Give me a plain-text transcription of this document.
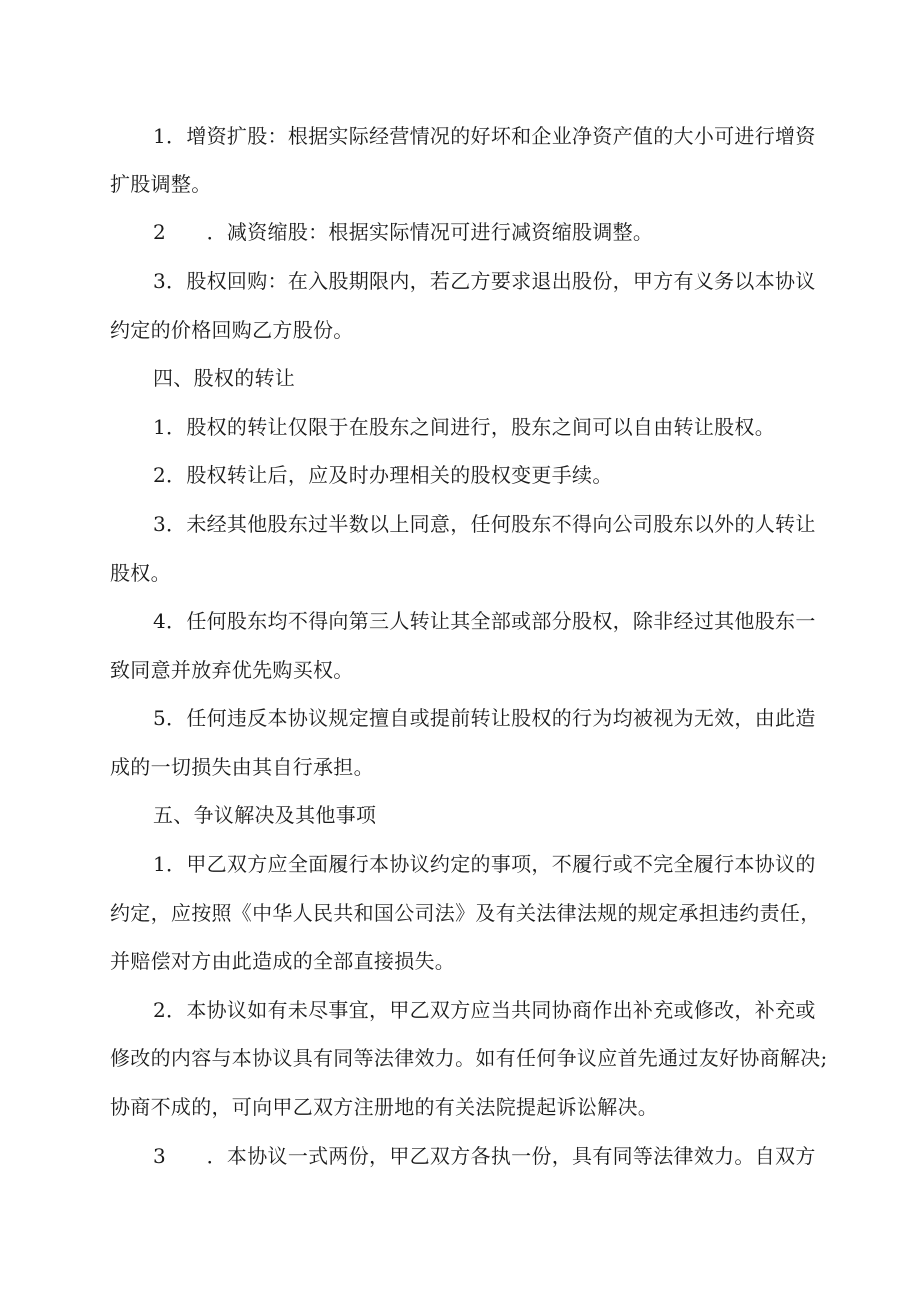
1．增资扩股：根据实际经营情况的好坏和企业净资产值的大小可进行增资
扩股调整。
2　　．减资缩股：根据实际情况可进行减资缩股调整。
3．股权回购：在入股期限内，若乙方要求退出股份，甲方有义务以本协议
约定的价格回购乙方股份。
四、股权的转让
1．股权的转让仅限于在股东之间进行，股东之间可以自由转让股权。
2．股权转让后，应及时办理相关的股权变更手续。
3．未经其他股东过半数以上同意，任何股东不得向公司股东以外的人转让
股权。
4．任何股东均不得向第三人转让其全部或部分股权，除非经过其他股东一
致同意并放弃优先购买权。
5．任何违反本协议规定擅自或提前转让股权的行为均被视为无效，由此造
成的一切损失由其自行承担。
五、争议解决及其他事项
1．甲乙双方应全面履行本协议约定的事项，不履行或不完全履行本协议的
约定，应按照《中华人民共和国公司法》及有关法律法规的规定承担违约责任，
并赔偿对方由此造成的全部直接损失。
2．本协议如有未尽事宜，甲乙双方应当共同协商作出补充或修改，补充或
修改的内容与本协议具有同等法律效力。如有任何争议应首先通过友好协商解决;
协商不成的，可向甲乙双方注册地的有关法院提起诉讼解决。
3　　．本协议一式两份，甲乙双方各执一份，具有同等法律效力。自双方
